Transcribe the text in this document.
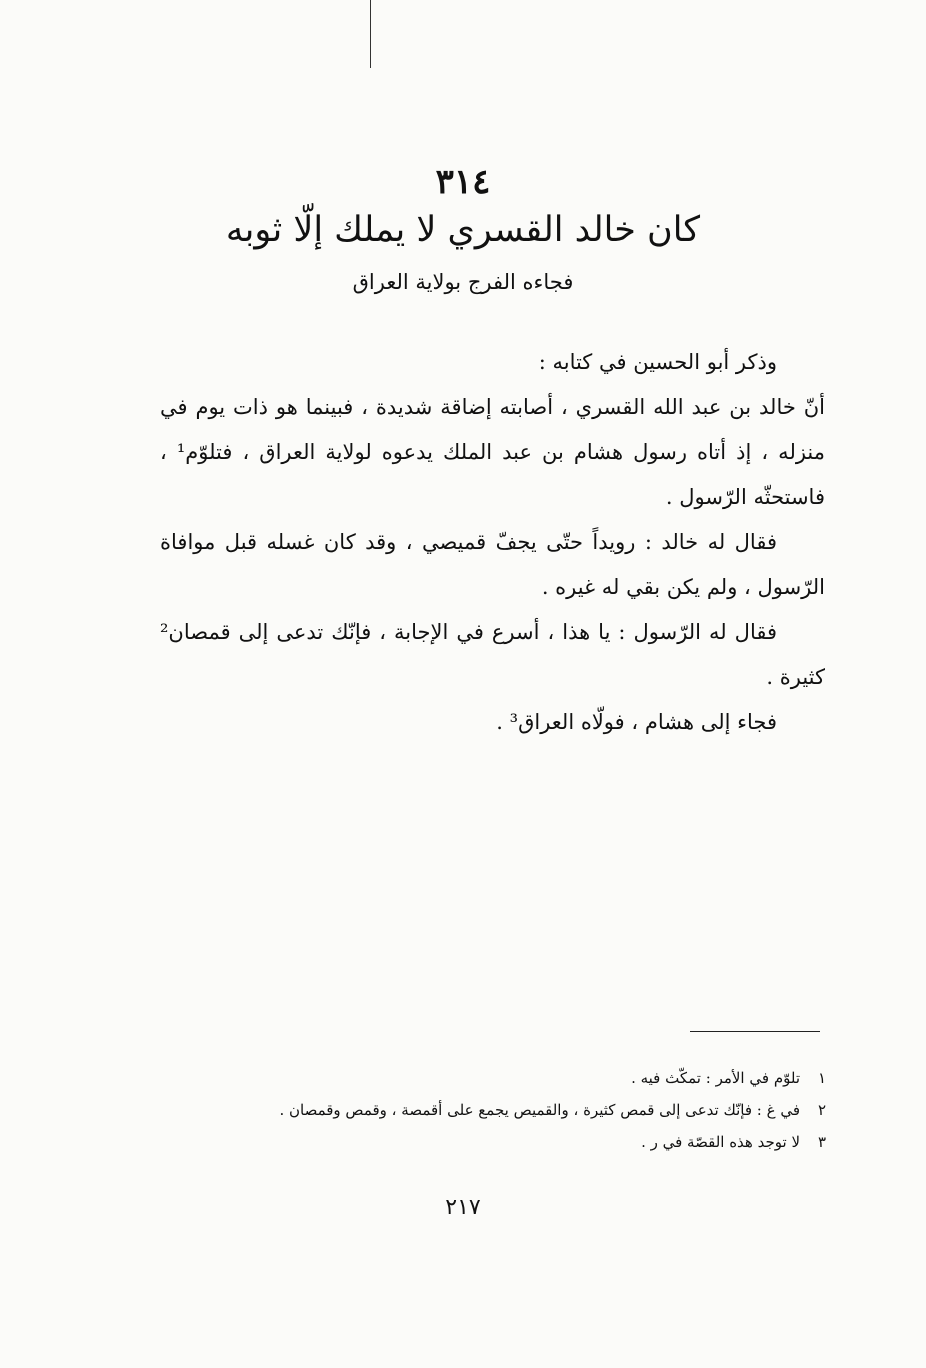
٣١٤
كان خالد القسري لا يملك إلّا ثوبه
فجاءه الفرج بولاية العراق

وذكر أبو الحسين في كتابه :

أنّ خالد بن عبد الله القسري ، أصابته إضاقة شديدة ، فبينما هو ذات يوم في منزله ، إذ أتاه رسول هشام بن عبد الملك يدعوه لولاية العراق ، فتلوّم¹ ، فاستحثّه الرّسول .

فقال له خالد : رويداً حتّى يجفّ قميصي ، وقد كان غسله قبل موافاة الرّسول ، ولم يكن بقي له غيره .

فقال له الرّسول : يا هذا ، أسرع في الإجابة ، فإنّك تدعى إلى قمصان² كثيرة .

فجاء إلى هشام ، فولّاه العراق³ .

١
تلوّم في الأمر : تمكّث فيه .
٢
في غ : فإنّك تدعى إلى قمص كثيرة ، والقميص يجمع على أقمصة ، وقمص وقمصان .
٣
لا توجد هذه القصّة في ر .
٢١٧
